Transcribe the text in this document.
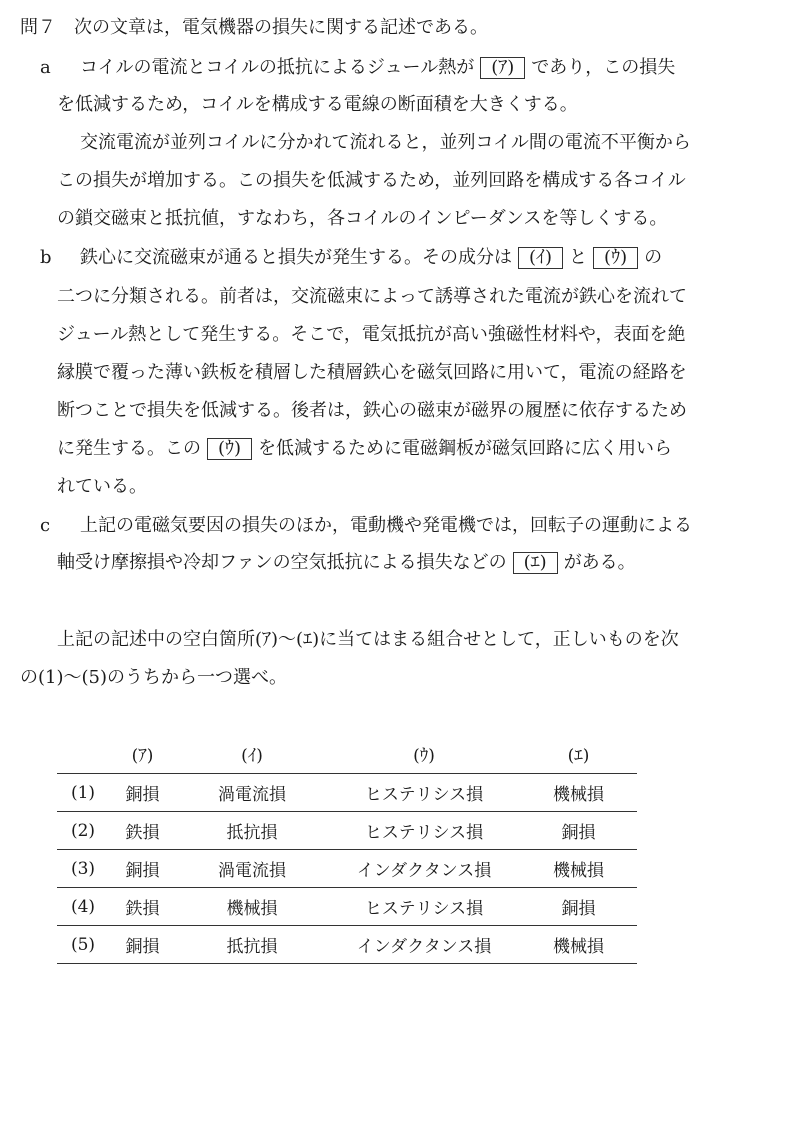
問７ 次の文章は，電気機器の損失に関する記述である。
a コイルの電流とコイルの抵抗によるジュール熱が (ｱ) であり，この損失
を低減するため，コイルを構成する電線の断面積を大きくする。
交流電流が並列コイルに分かれて流れると，並列コイル間の電流不平衡から
この損失が増加する。この損失を低減するため，並列回路を構成する各コイル
の鎖交磁束と抵抗値，すなわち，各コイルのインピーダンスを等しくする。
b 鉄心に交流磁束が通ると損失が発生する。その成分は (ｲ) と (ｳ) の
二つに分類される。前者は，交流磁束によって誘導された電流が鉄心を流れて
ジュール熱として発生する。そこで，電気抵抗が高い強磁性材料や，表面を絶
縁膜で覆った薄い鉄板を積層した積層鉄心を磁気回路に用いて，電流の経路を
断つことで損失を低減する。後者は，鉄心の磁束が磁界の履歴に依存するため
に発生する。この (ｳ) を低減するために電磁鋼板が磁気回路に広く用いら
れている。
c 上記の電磁気要因の損失のほか，電動機や発電機では，回転子の運動による
軸受け摩擦損や冷却ファンの空気抵抗による損失などの (ｴ) がある。
上記の記述中の空白箇所(ｱ)～(ｴ)に当てはまる組合せとして，正しいものを次
の(1)～(5)のうちから一つ選べ。
	(ｱ)	(ｲ)	(ｳ)	(ｴ)
(1)	銅損	渦電流損	ヒステリシス損	機械損
(2)	鉄損	抵抗損	ヒステリシス損	銅損
(3)	銅損	渦電流損	インダクタンス損	機械損
(4)	鉄損	機械損	ヒステリシス損	銅損
(5)	銅損	抵抗損	インダクタンス損	機械損
